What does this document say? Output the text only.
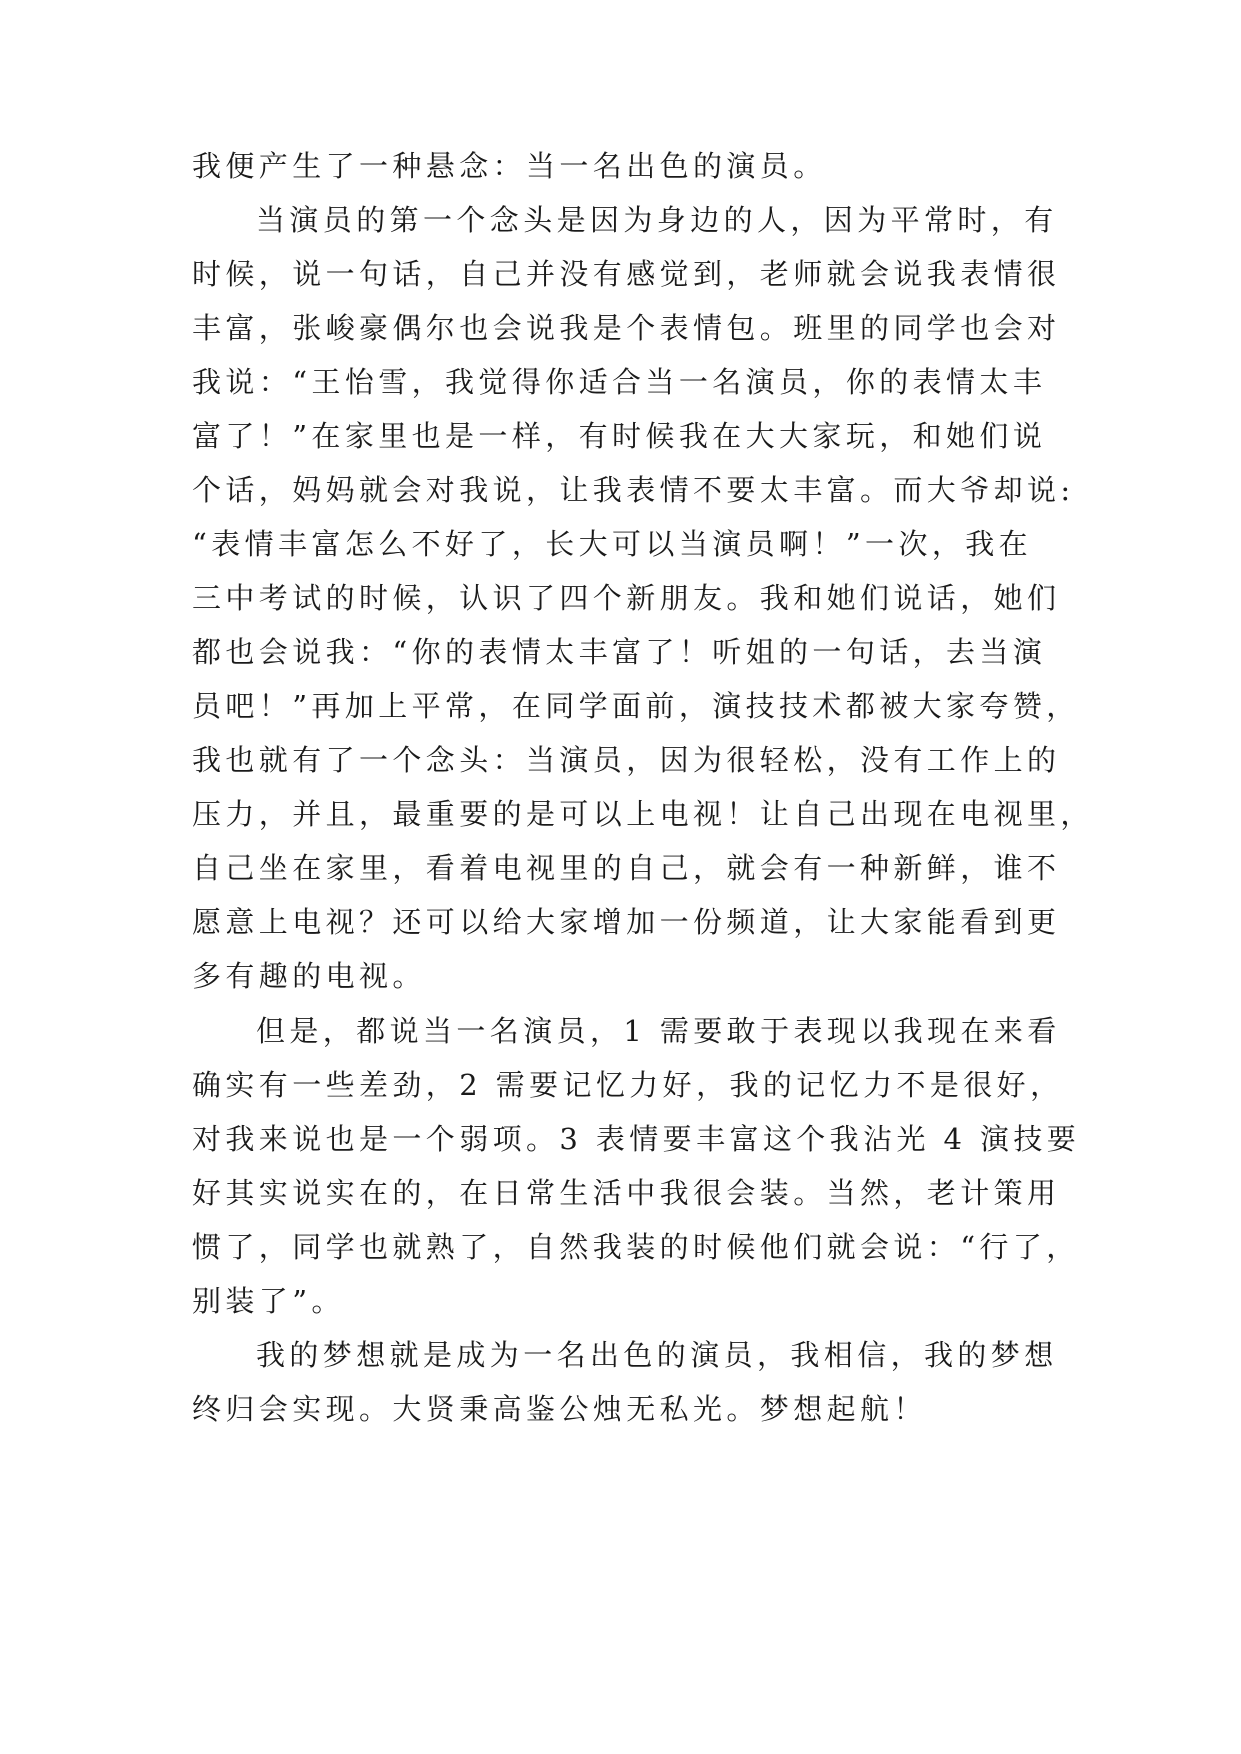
我便产生了一种悬念：当一名出色的演员。
当演员的第一个念头是因为身边的人，因为平常时，有
时候，说一句话，自己并没有感觉到，老师就会说我表情很
丰富，张峻豪偶尔也会说我是个表情包。班里的同学也会对
我说：“王怡雪，我觉得你适合当一名演员，你的表情太丰
富了！”在家里也是一样，有时候我在大大家玩，和她们说
个话，妈妈就会对我说，让我表情不要太丰富。而大爷却说:
“表情丰富怎么不好了，长大可以当演员啊！”一次，我在
三中考试的时候，认识了四个新朋友。我和她们说话，她们
都也会说我：“你的表情太丰富了！听姐的一句话，去当演
员吧！”再加上平常，在同学面前，演技技术都被大家夸赞，
我也就有了一个念头：当演员，因为很轻松，没有工作上的
压力，并且，最重要的是可以上电视！让自己出现在电视里，
自己坐在家里，看着电视里的自己，就会有一种新鲜，谁不
愿意上电视？还可以给大家增加一份频道，让大家能看到更
多有趣的电视。
但是，都说当一名演员，1 需要敢于表现以我现在来看
确实有一些差劲，2 需要记忆力好，我的记忆力不是很好，
对我来说也是一个弱项。3 表情要丰富这个我沾光 4 演技要
好其实说实在的，在日常生活中我很会装。当然，老计策用
惯了，同学也就熟了，自然我装的时候他们就会说：“行了，
别装了”。
我的梦想就是成为一名出色的演员，我相信，我的梦想
终归会实现。大贤秉高鉴公烛无私光。梦想起航！
